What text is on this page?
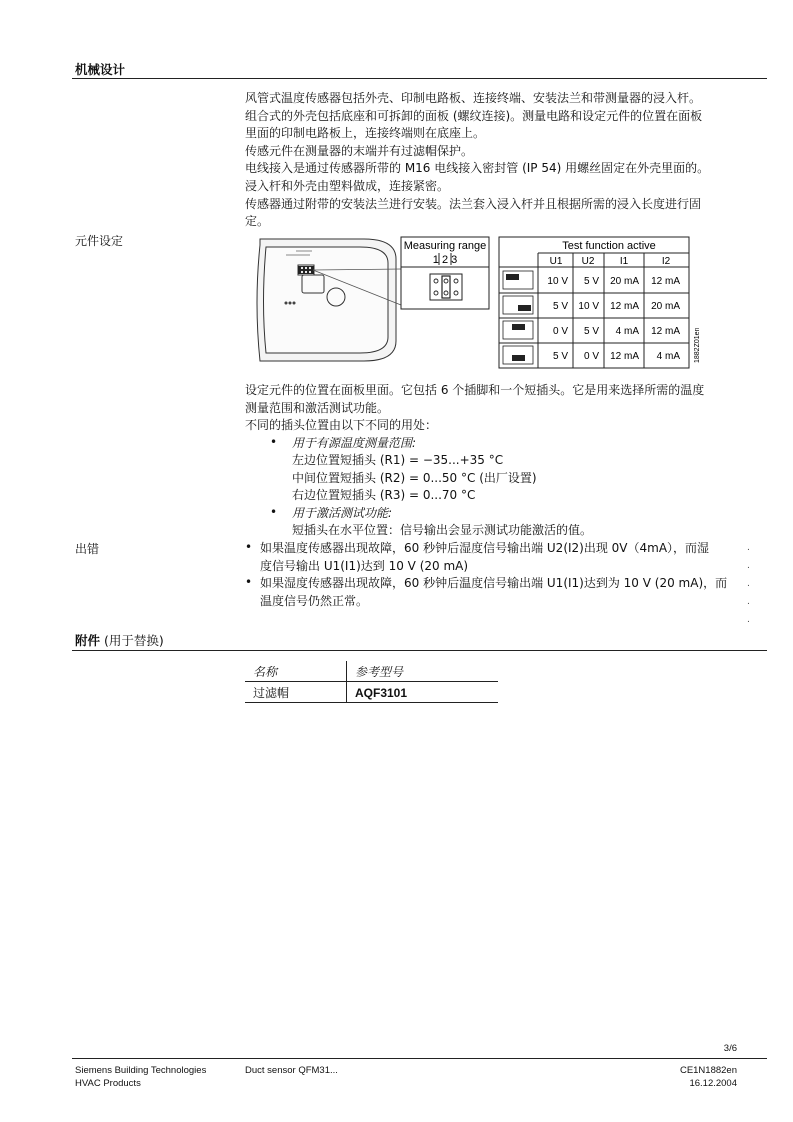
机械设计
风管式温度传感器包括外壳、印制电路板、连接终端、安装法兰和带测量器的浸入杆。
组合式的外壳包括底座和可拆卸的面板 (螺纹连接)。测量电路和设定元件的位置在面板
里面的印制电路板上，连接终端则在底座上。
传感元件在测量器的末端并有过滤帽保护。
电线接入是通过传感器所带的 M16 电线接入密封管 (IP 54) 用螺丝固定在外壳里面的。
浸入杆和外壳由塑料做成，连接紧密。
传感器通过附带的安装法兰进行安装。法兰套入浸入杆并且根据所需的浸入长度进行固
定。
元件设定	Measuring range
1 2 3
Test function active
U1 U2	I1	I2
10 V 5 V 20 mA 12 mA
5 V 10 V 12 mA 20 mA
0 V 5 V 4 mA 12 mA
5 V 0 V 12 mA 4 mA 1882Z01en
设定元件的位置在面板里面。它包括 6 个插脚和一个短插头。它是用来选择所需的温度
测量范围和激活测试功能。
不同的插头位置由以下不同的用处：
• 用于有源温度测量范围:
左边位置短插头 (R1) = −35...+35 °C
中间位置短插头 (R2) = 0...50 °C (出厂设置)
右边位置短插头 (R3) = 0...70 °C
• 用于激活测试功能:
短插头在水平位置：信号输出会显示测试功能激活的值。
出错	• 如果温度传感器出现故障，60 秒钟后湿度信号输出端 U2(I2)出现 0V（4mA），而湿
度信号输出 U1(I1)达到 10 V (20 mA)
• 如果湿度传感器出现故障，60 秒钟后温度信号输出端 U1(I1)达到为 10 V (20 mA)，而
温度信号仍然正常。
.
.
.
.
.
附件 (用于替换)
名称	参考型号
过滤帽	AQF3101
3/6
Siemens Building Technologies
HVAC Products
Duct sensor QFM31...	CE1N1882en
16.12.2004
